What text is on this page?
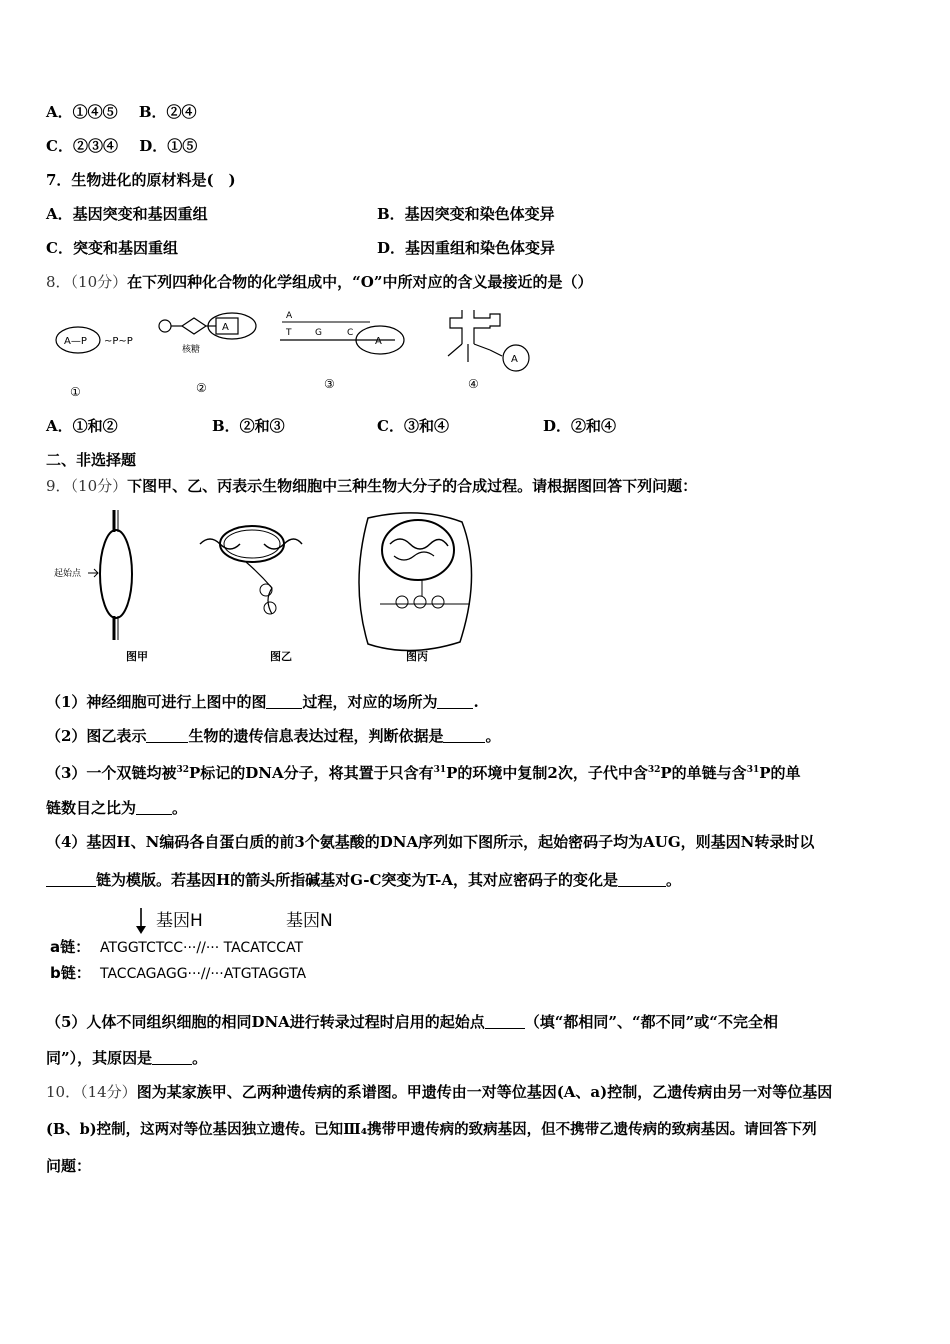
A．①④⑤ B．②④
C．②③④ D．①⑤
7．生物进化的原材料是(　)
A．基因突变和基因重组	B．基因突变和染色体变异
C．突变和基因重组	D．基因重组和染色体变异
8．（10分）在下列四种化合物的化学组成中，“O”中所对应的含义最接近的是（）
A—P ~P~P
①
A
核糖
②
A
T	G	C
A
③
A
④
A．①和②	B．②和③	C．③和④	D．②和④
二、非选择题
9．（10分）下图甲、乙、丙表示生物细胞中三种生物大分子的合成过程。请根据图回答下列问题：
起始点
图甲	图乙	图丙
（1）神经细胞可进行上图中的图 过程，对应的场所为 .
（2）图乙表示	生物的遗传信息表达过程，判断依据是	。
（3）一个双链均被$^{32}$P标记的DNA分子，将其置于只含有$^{31}$P的环境中复制2次，子代中含$^{32}$P的单链与含$^{31}$P的单
链数目之比为 。
（4）基因H、N编码各自蛋白质的前3个氨基酸的DNA序列如下图所示，起始密码子均为AUG，则基因N转录时以
链为模版。若基因H的箭头所指碱基对G-C突变为T-A，其对应密码子的变化是	。
基因H	基因N
a链： ATGGTCTCC···//··· TACATCCAT
b链： TACCAGAGG···//···ATGTAGGTA
（5）人体不同组织细胞的相同DNA进行转录过程时启用的起始点	（填“都相同”、“都不同”或“不完全相
同”），其原因是	。
10．（14分）图为某家族甲、乙两种遗传病的系谱图。甲遗传由一对等位基因(A、a)控制，乙遗传病由另一对等位基因
(B、b)控制，这两对等位基因独立遗传。已知Ⅲ₄携带甲遗传病的致病基因，但不携带乙遗传病的致病基因。请回答下列
问题：
